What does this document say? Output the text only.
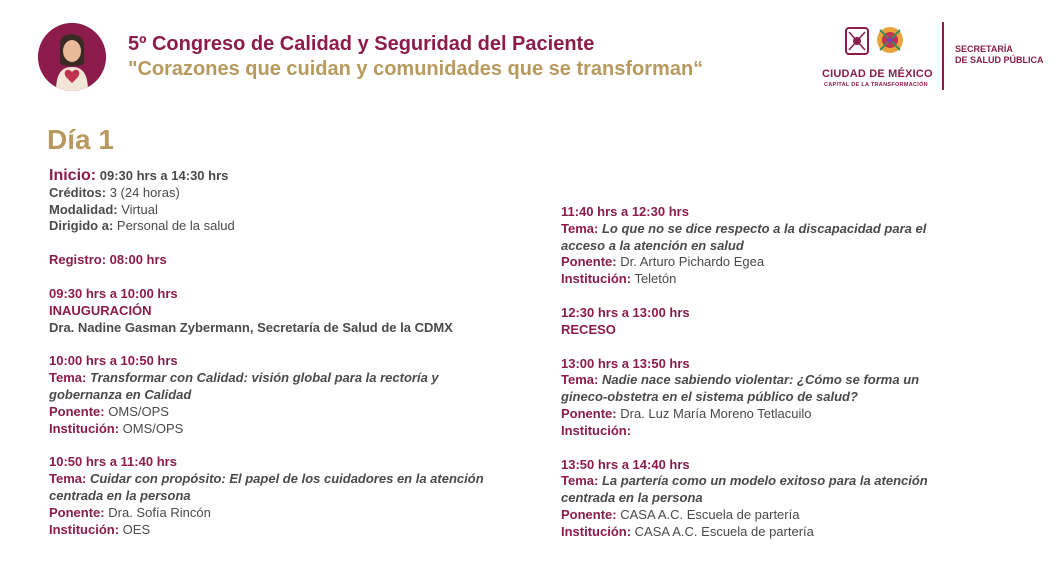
5º Congreso de Calidad y Seguridad del Paciente
"Corazones que cuidan y comunidades que se transforman“	CIUDAD DE MÉXICO
CAPITAL DE LA TRANSFORMACIÓN
SECRETARÍA
DE SALUD PÚBLICA
Día 1
Inicio: 09:30 hrs a 14:30 hrs
Créditos: 3 (24 horas)
Modalidad: Virtual
Dirigido a: Personal de la salud
Registro: 08:00 hrs
09:30 hrs a 10:00 hrs
INAUGURACIÓN
Dra. Nadine Gasman Zybermann, Secretaría de Salud de la CDMX
10:00 hrs a 10:50 hrs
Tema: Transformar con Calidad: visión global para la rectoría y gobernanza en Calidad
Ponente: OMS/OPS
Institución: OMS/OPS
10:50 hrs a 11:40 hrs
Tema: Cuidar con propósito: El papel de los cuidadores en la atención centrada en la persona
Ponente: Dra. Sofía Rincón
Institución: OES
11:40 hrs a 12:30 hrs
Tema: Lo que no se dice respecto a la discapacidad para el acceso a la atención en salud
Ponente: Dr. Arturo Pichardo Egea
Institución: Teletón
12:30 hrs a 13:00 hrs
RECESO
13:00 hrs a 13:50 hrs
Tema: Nadie nace sabiendo violentar: ¿Cómo se forma un gineco-obstetra en el sistema público de salud?
Ponente: Dra. Luz María Moreno Tetlacuilo
Institución:
13:50 hrs a 14:40 hrs
Tema: La partería como un modelo exitoso para la atención centrada en la persona
Ponente: CASA A.C. Escuela de partería
Institución: CASA A.C. Escuela de partería
